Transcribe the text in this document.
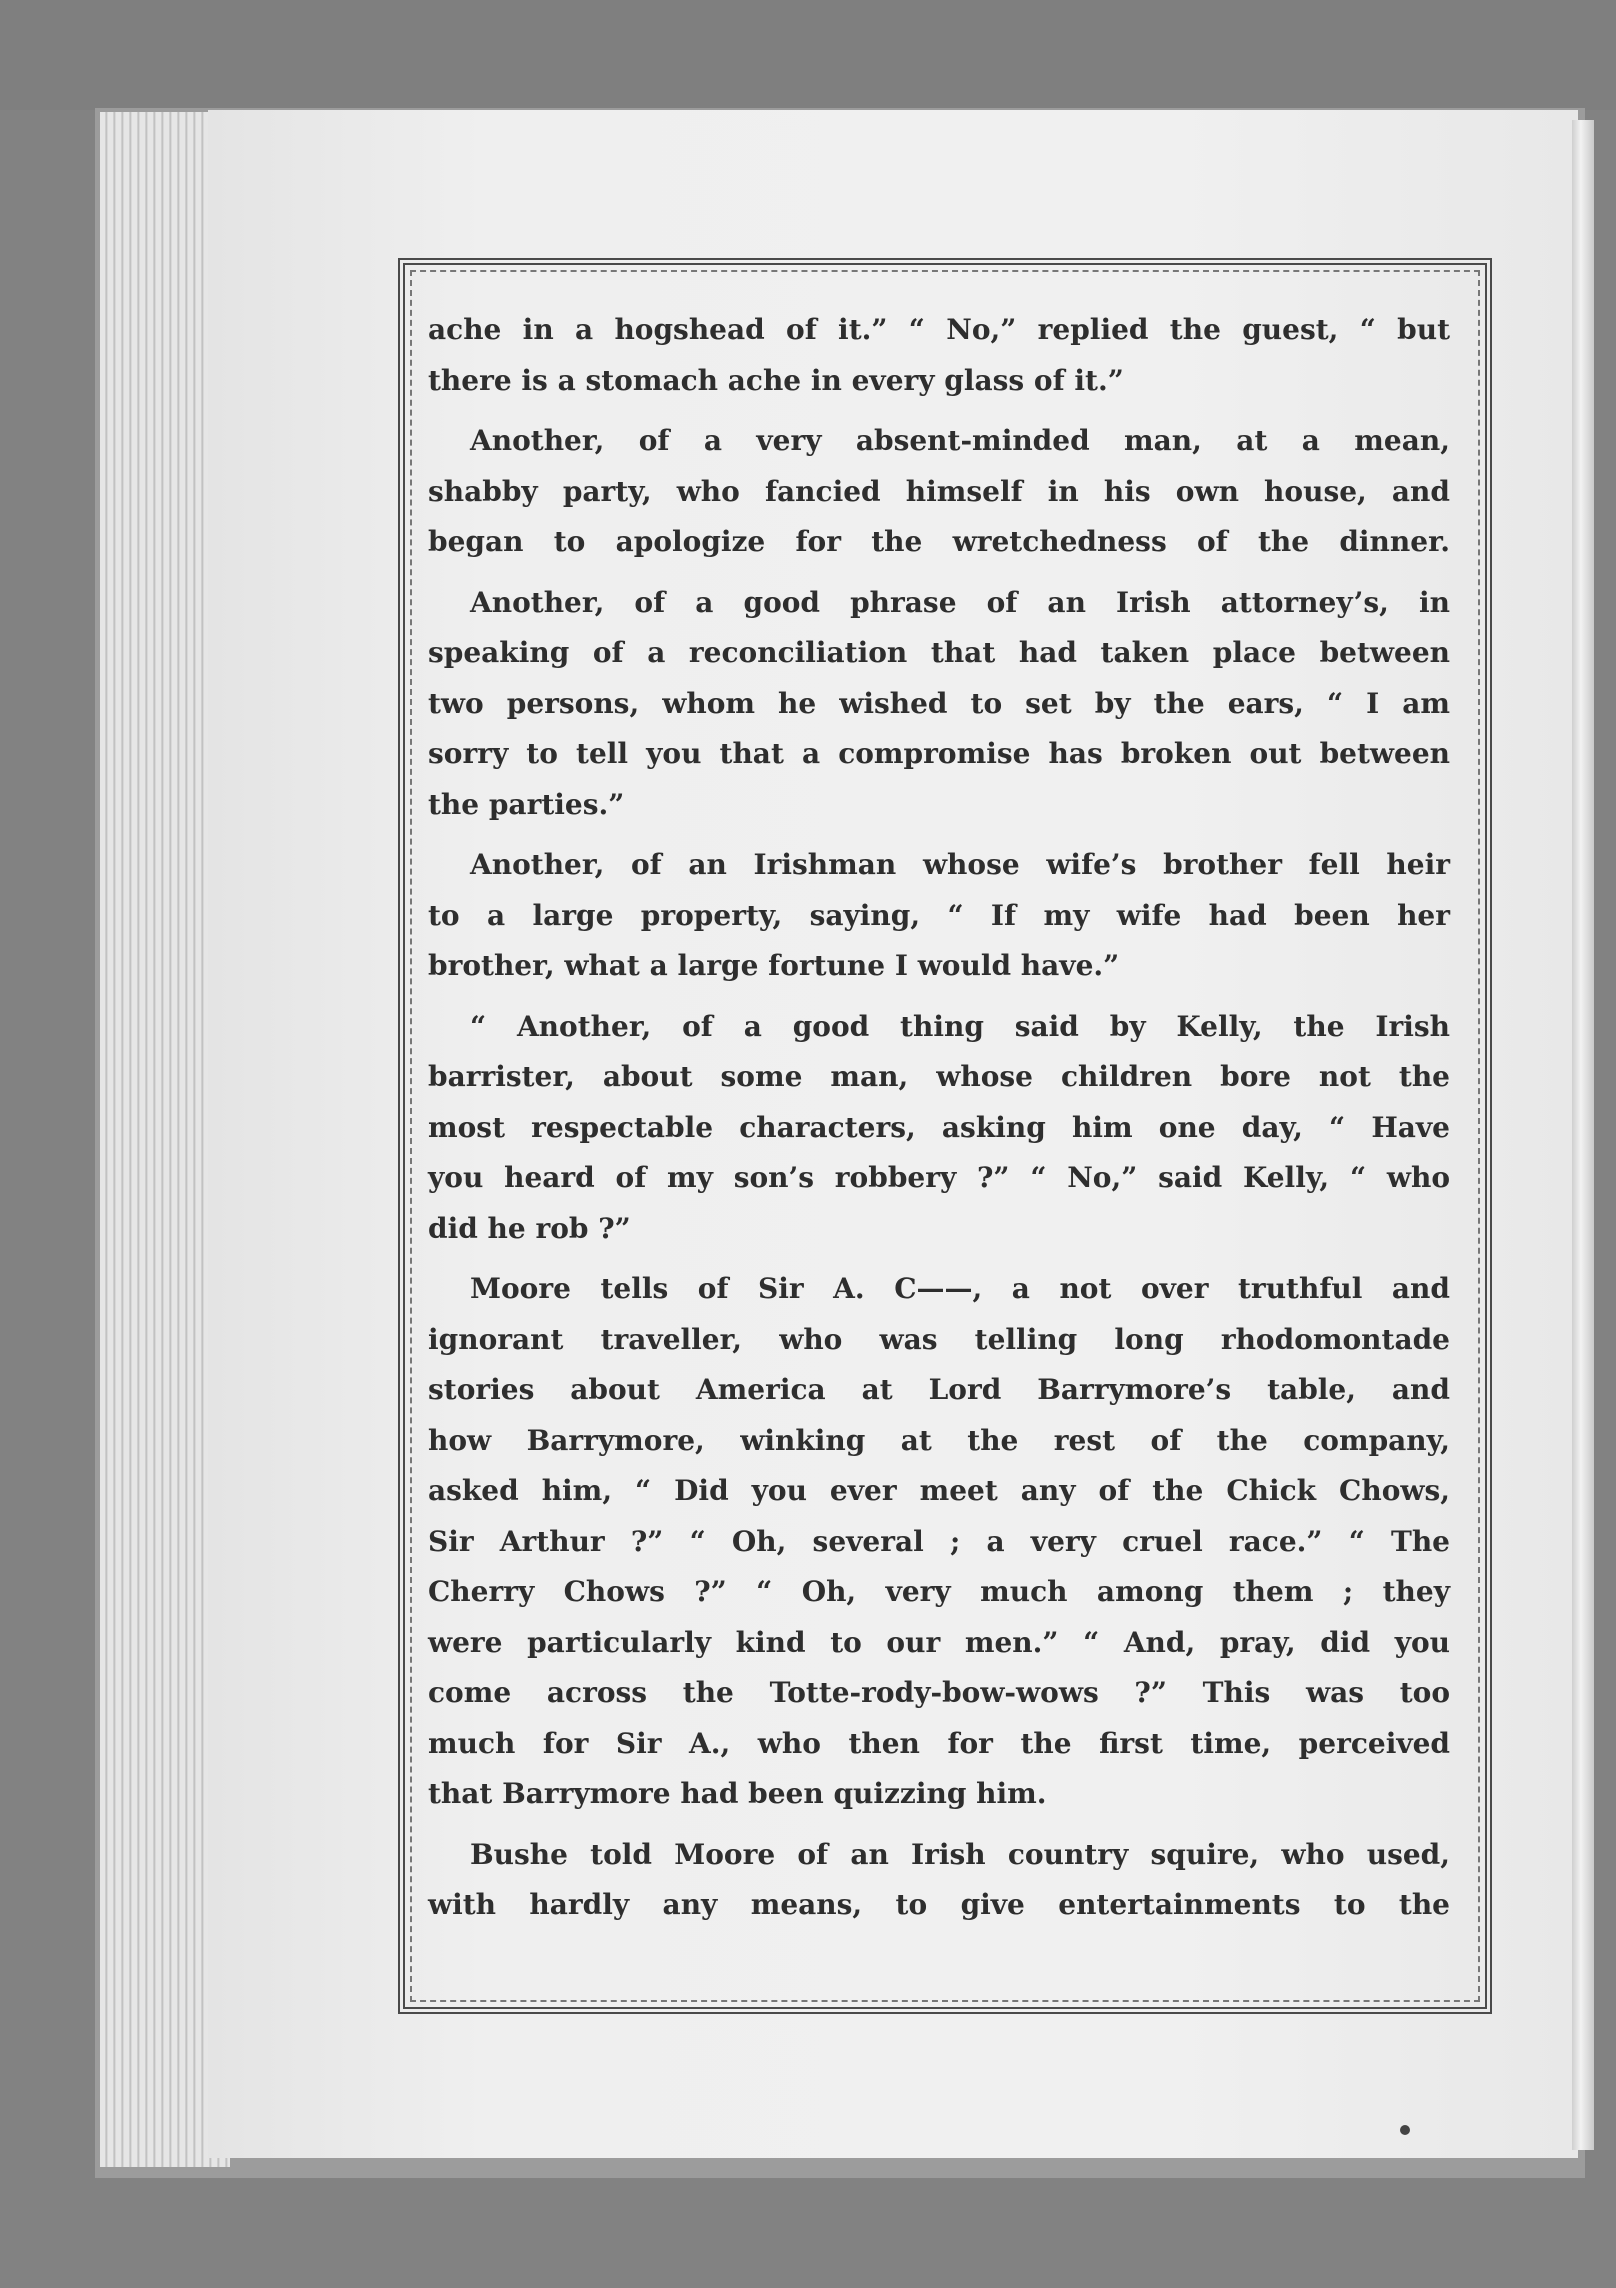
ache in a hogshead of it.” “ No,” replied the guest, “ but
there is a stomach ache in every glass of it.”
Another, of a very absent-minded man, at a mean,
shabby party, who fancied himself in his own house, and
began to apologize for the wretchedness of the dinner.
Another, of a good phrase of an Irish attorney’s, in
speaking of a reconciliation that had taken place between
two persons, whom he wished to set by the ears, “ I am
sorry to tell you that a compromise has broken out between
the parties.”
Another, of an Irishman whose wife’s brother fell heir
to a large property, saying, “ If my wife had been her
brother, what a large fortune I would have.”
“ Another, of a good thing said by Kelly, the Irish
barrister, about some man, whose children bore not the
most respectable characters, asking him one day, “ Have
you heard of my son’s robbery ?” “ No,” said Kelly, “ who
did he rob ?”
Moore tells of Sir A. C——, a not over truthful and
ignorant traveller, who was telling long rhodomontade
stories about America at Lord Barrymore’s table, and
how Barrymore, winking at the rest of the company,
asked him, “ Did you ever meet any of the Chick Chows,
Sir Arthur ?” “ Oh, several ; a very cruel race.” “ The
Cherry Chows ?” “ Oh, very much among them ; they
were particularly kind to our men.” “ And, pray, did you
come across the Totte-rody-bow-wows ?” This was too
much for Sir A., who then for the first time, perceived
that Barrymore had been quizzing him.
Bushe told Moore of an Irish country squire, who used,
with hardly any means, to give entertainments to the
